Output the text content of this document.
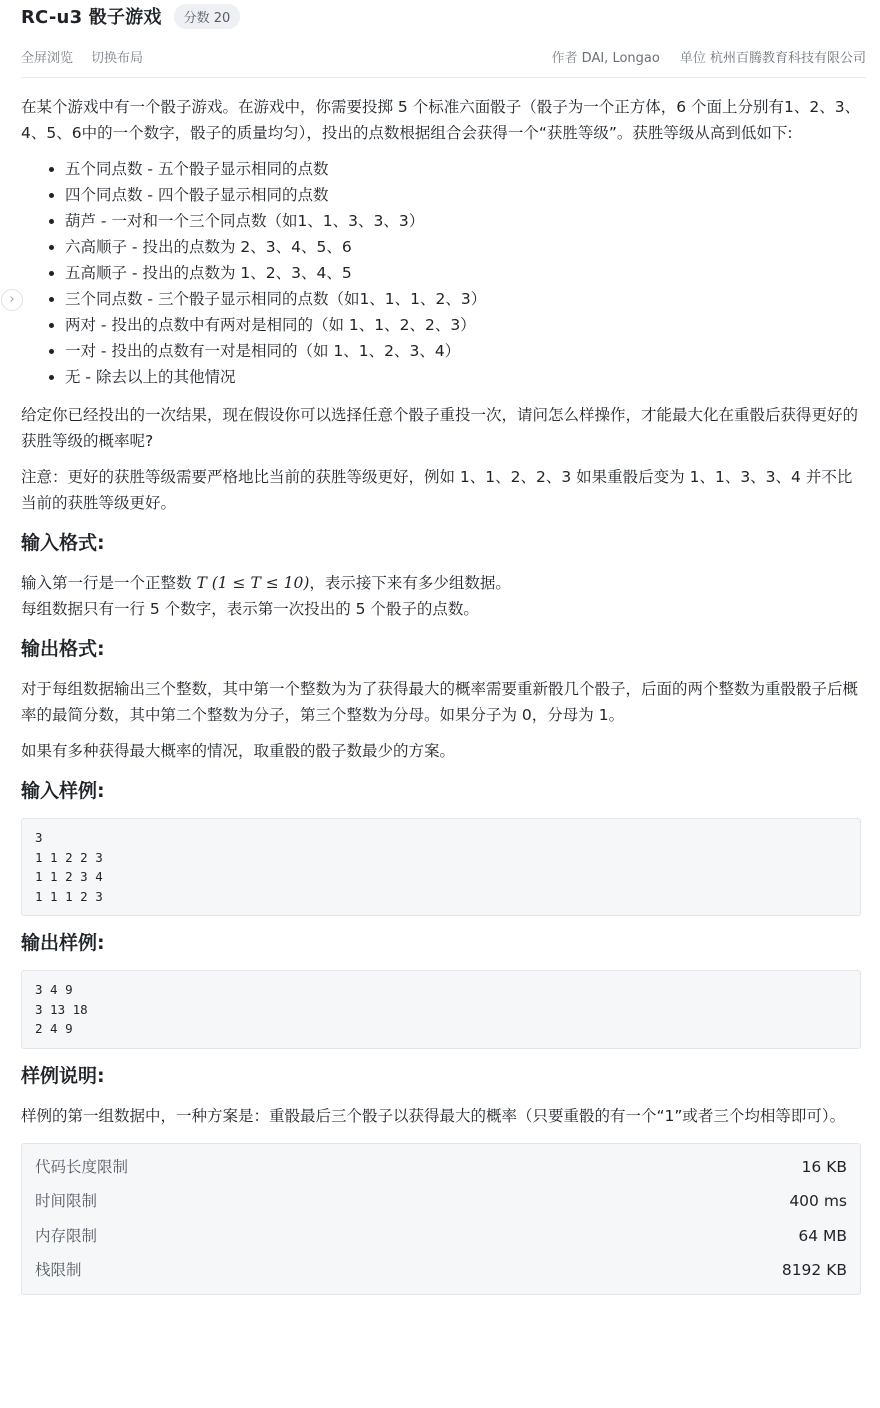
RC-u3 骰子游戏	分数 20
全屏浏览 切换布局	作者 DAI, Longao 单位 杭州百腾教育科技有限公司
›

在某个游戏中有一个骰子游戏。在游戏中，你需要投掷 5 个标准六面骰子（骰子为一个正方体，6 个面上分别有1、2、3、4、5、6中的一个数字，骰子的质量均匀），投出的点数根据组合会获得一个“获胜等级”。获胜等级从高到低如下:

• 五个同点数 - 五个骰子显示相同的点数
• 四个同点数 - 四个骰子显示相同的点数
• 葫芦 - 一对和一个三个同点数（如1、1、3、3、3）
• 六高顺子 - 投出的点数为 2、3、4、5、6
• 五高顺子 - 投出的点数为 1、2、3、4、5
• 三个同点数 - 三个骰子显示相同的点数（如1、1、1、2、3）
• 两对 - 投出的点数中有两对是相同的（如 1、1、2、2、3）
• 一对 - 投出的点数有一对是相同的（如 1、1、2、3、4）
• 无 - 除去以上的其他情况

给定你已经投出的一次结果，现在假设你可以选择任意个骰子重投一次，请问怎么样操作，才能最大化在重骰后获得更好的获胜等级的概率呢?

注意：更好的获胜等级需要严格地比当前的获胜等级更好，例如 1、1、2、2、3 如果重骰后变为 1、1、3、3、4 并不比当前的获胜等级更好。

输入格式:

输入第一行是一个正整数 T (1 ≤ T ≤ 10)，表示接下来有多少组数据。

每组数据只有一行 5 个数字，表示第一次投出的 5 个骰子的点数。

输出格式:

对于每组数据输出三个整数，其中第一个整数为为了获得最大的概率需要重新骰几个骰子，后面的两个整数为重骰骰子后概率的最简分数，其中第二个整数为分子，第三个整数为分母。如果分子为 0，分母为 1。

如果有多种获得最大概率的情况，取重骰的骰子数最少的方案。

输入样例:
3
1 1 2 2 3
1 1 2 3 4
1 1 1 2 3

输出样例:
3 4 9
3 13 18
2 4 9
样例说明:

样例的第一组数据中，一种方案是：重骰最后三个骰子以获得最大的概率（只要重骰的有一个“1”或者三个均相等即可）。

代码长度限制	16 KB
时间限制	400 ms
内存限制	64 MB
栈限制	8192 KB
